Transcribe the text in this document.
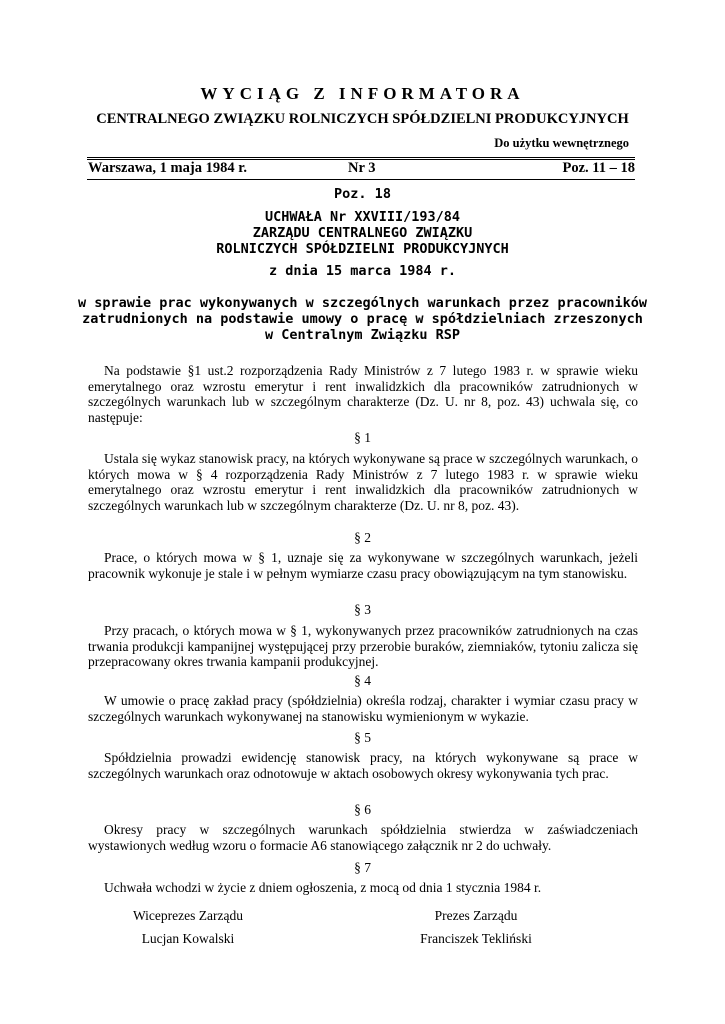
WYCIĄG Z INFORMATORA
CENTRALNEGO ZWIĄZKU ROLNICZYCH SPÓŁDZIELNI PRODUKCYJNYCH
Do użytku wewnętrznego
Warszawa, 1 maja 1984 r.	Nr 3	Poz. 11 – 18
Poz. 18
UCHWAŁA Nr XXVIII/193/84
ZARZĄDU CENTRALNEGO ZWIĄZKU
ROLNICZYCH SPÓŁDZIELNI PRODUKCYJNYCH
z dnia 15 marca 1984 r.
w sprawie prac wykonywanych w szczególnych warunkach przez pracowników
zatrudnionych na podstawie umowy o pracę w spółdzielniach zrzeszonych
w Centralnym Związku RSP
Na podstawie §1 ust.2 rozporządzenia Rady Ministrów z 7 lutego 1983 r. w sprawie wieku emerytalnego oraz wzrostu emerytur i rent inwalidzkich dla pracowników zatrudnionych w szczególnych warunkach lub w szczególnym charakterze (Dz. U. nr 8, poz. 43) uchwala się, co następuje:
§ 1
Ustala się wykaz stanowisk pracy, na których wykonywane są prace w szczególnych warunkach, o których mowa w § 4 rozporządzenia Rady Ministrów z 7 lutego 1983 r. w sprawie wieku emerytalnego oraz wzrostu emerytur i rent inwalidzkich dla pracowników zatrudnionych w szczególnych warunkach lub w szczególnym charakterze (Dz. U. nr 8, poz. 43).
§ 2
Prace, o których mowa w § 1, uznaje się za wykonywane w szczególnych warunkach, jeżeli pracownik wykonuje je stale i w pełnym wymiarze czasu pracy obowiązującym na tym stanowisku.
§ 3
Przy pracach, o których mowa w § 1, wykonywanych przez pracowników zatrudnionych na czas trwania produkcji kampanijnej występującej przy przerobie buraków, ziemniaków, tytoniu zalicza się przepracowany okres trwania kampanii produkcyjnej.
§ 4
W umowie o pracę zakład pracy (spółdzielnia) określa rodzaj, charakter i wymiar czasu pracy w szczególnych warunkach wykonywanej na stanowisku wymienionym w wykazie.
§ 5
Spółdzielnia prowadzi ewidencję stanowisk pracy, na których wykonywane są prace w szczególnych warunkach oraz odnotowuje w aktach osobowych okresy wykonywania tych prac.
§ 6
Okresy pracy w szczególnych warunkach spółdzielnia stwierdza w zaświadczeniach wystawionych według wzoru o formacie A6 stanowiącego załącznik nr 2 do uchwały.
§ 7
Uchwała wchodzi w życie z dniem ogłoszenia, z mocą od dnia 1 stycznia 1984 r.
Wiceprezes Zarządu
Lucjan Kowalski
Prezes Zarządu
Franciszek Tekliński
